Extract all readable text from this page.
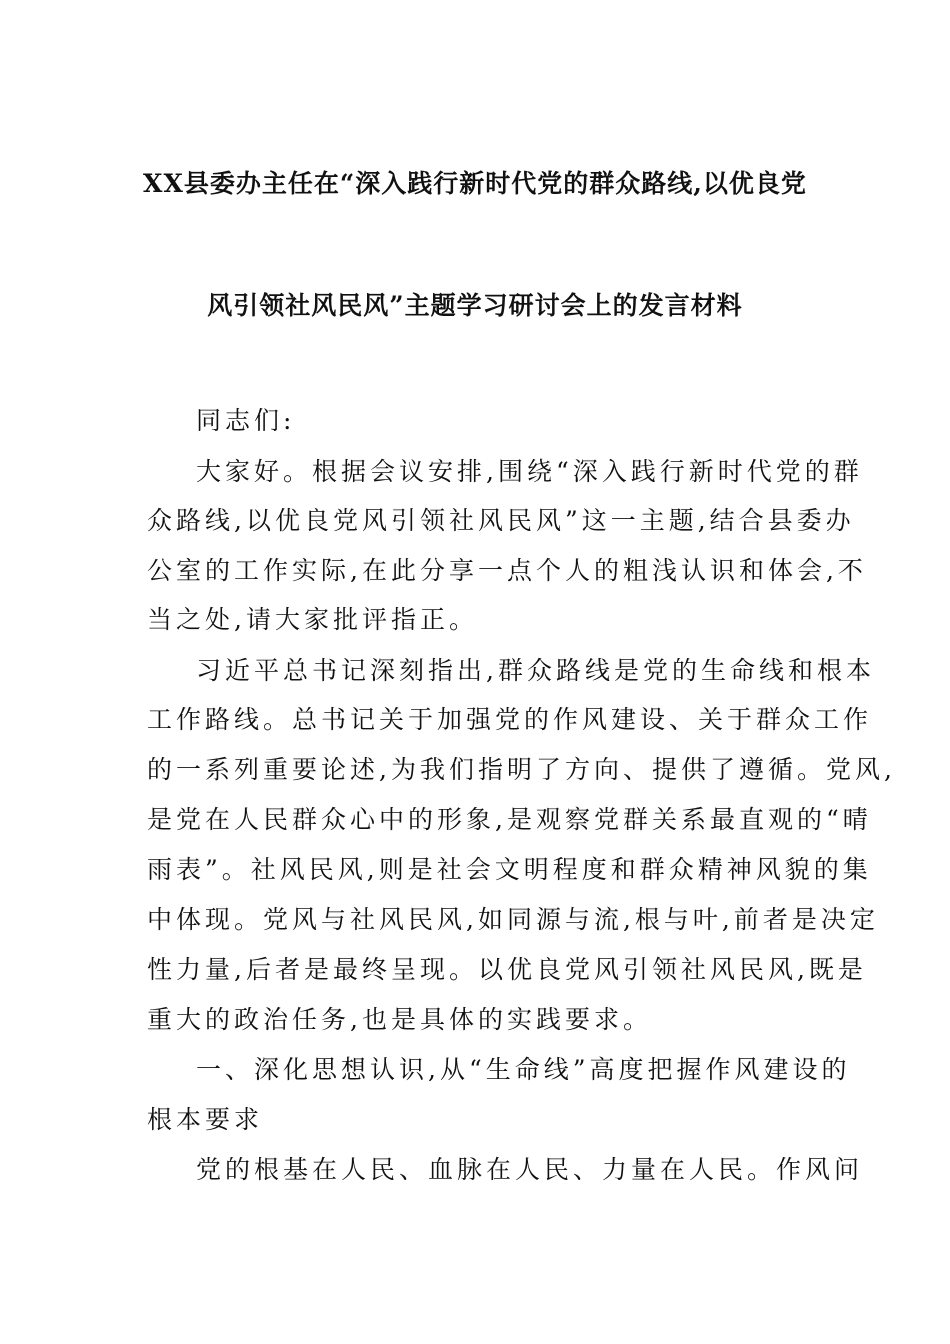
XX县委办主任在“深入践行新时代党的群众路线,以优良党
风引领社风民风”主题学习研讨会上的发言材料
同志们:
大家好。根据会议安排,围绕“深入践行新时代党的群
众路线,以优良党风引领社风民风”这一主题,结合县委办
公室的工作实际,在此分享一点个人的粗浅认识和体会,不
当之处,请大家批评指正。
习近平总书记深刻指出,群众路线是党的生命线和根本
工作路线。总书记关于加强党的作风建设、关于群众工作
的一系列重要论述,为我们指明了方向、提供了遵循。党风,
是党在人民群众心中的形象,是观察党群关系最直观的“晴
雨表”。社风民风,则是社会文明程度和群众精神风貌的集
中体现。党风与社风民风,如同源与流,根与叶,前者是决定
性力量,后者是最终呈现。以优良党风引领社风民风,既是
重大的政治任务,也是具体的实践要求。
一、深化思想认识,从“生命线”高度把握作风建设的
根本要求
党的根基在人民、血脉在人民、力量在人民。作风问
